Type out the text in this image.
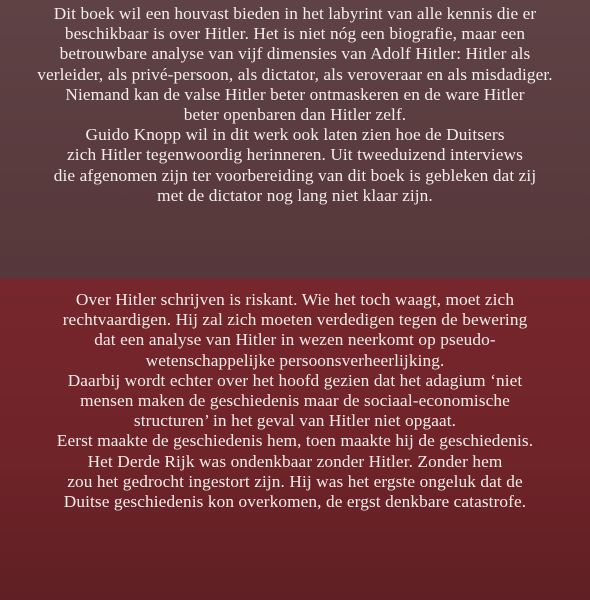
Dit boek wil een houvast bieden in het labyrint van alle kennis die er
beschikbaar is over Hitler. Het is niet nóg een biografie, maar een
betrouwbare analyse van vijf dimensies van Adolf Hitler: Hitler als
verleider, als privé-persoon, als dictator, als veroveraar en als misdadiger.
Niemand kan de valse Hitler beter ontmaskeren en de ware Hitler
beter openbaren dan Hitler zelf.
Guido Knopp wil in dit werk ook laten zien hoe de Duitsers
zich Hitler tegenwoordig herinneren. Uit tweeduizend interviews
die afgenomen zijn ter voorbereiding van dit boek is gebleken dat zij
met de dictator nog lang niet klaar zijn.
Over Hitler schrijven is riskant. Wie het toch waagt, moet zich
rechtvaardigen. Hij zal zich moeten verdedigen tegen de bewering
dat een analyse van Hitler in wezen neerkomt op pseudo-
wetenschappelijke persoonsverheerlijking.
Daarbij wordt echter over het hoofd gezien dat het adagium ‘niet
mensen maken de geschiedenis maar de sociaal-economische
structuren’ in het geval van Hitler niet opgaat.
Eerst maakte de geschiedenis hem, toen maakte hij de geschiedenis.
Het Derde Rijk was ondenkbaar zonder Hitler. Zonder hem
zou het gedrocht ingestort zijn. Hij was het ergste ongeluk dat de
Duitse geschiedenis kon overkomen, de ergst denkbare catastrofe.
